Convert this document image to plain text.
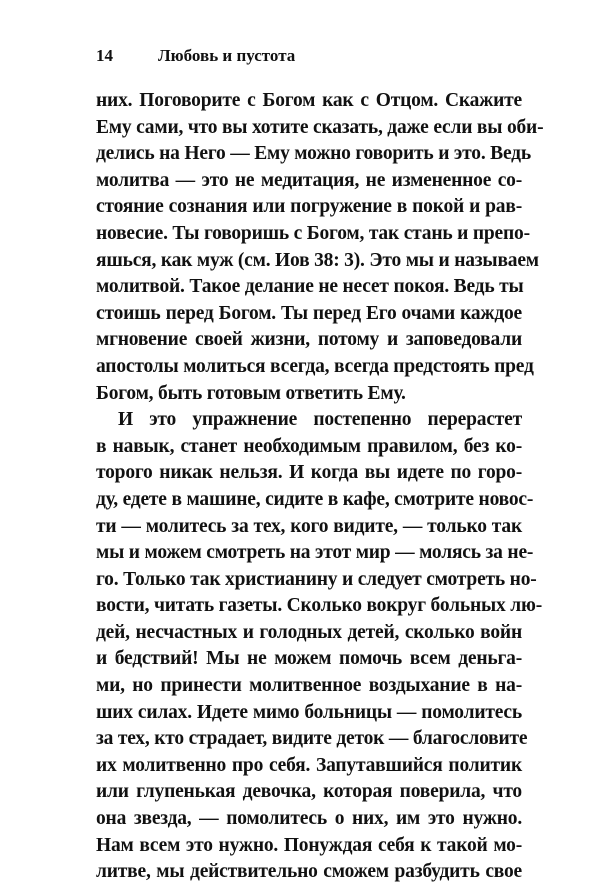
14	Любовь и пустота
них. Поговорите с Богом как с Отцом. Скажите
Ему сами, что вы хотите сказать, даже если вы оби-
делись на Него — Ему можно говорить и это. Ведь
молитва — это не медитация, не измененное со-
стояние сознания или погружение в покой и рав-
новесие. Ты говоришь с Богом, так стань и препо-
яшься, как муж (см. Иов 38: 3). Это мы и называем
молитвой. Такое делание не несет покоя. Ведь ты
стоишь перед Богом. Ты перед Его очами каждое
мгновение своей жизни, потому и заповедовали
апостолы молиться всегда, всегда предстоять пред
Богом, быть готовым ответить Ему.
И это упражнение постепенно перерастет
в навык, станет необходимым правилом, без ко-
торого никак нельзя. И когда вы идете по горо-
ду, едете в машине, сидите в кафе, смотрите новос-
ти — молитесь за тех, кого видите, — только так
мы и можем смотреть на этот мир — молясь за не-
го. Только так христианину и следует смотреть но-
вости, читать газеты. Сколько вокруг больных лю-
дей, несчастных и голодных детей, сколько войн
и бедствий! Мы не можем помочь всем деньга-
ми, но принести молитвенное воздыхание в на-
ших силах. Идете мимо больницы — помолитесь
за тех, кто страдает, видите деток — благословите
их молитвенно про себя. Запутавшийся политик
или глупенькая девочка, которая поверила, что
она звезда, — помолитесь о них, им это нужно.
Нам всем это нужно. Понуждая себя к такой мо-
литве, мы действительно сможем разбудить свое
